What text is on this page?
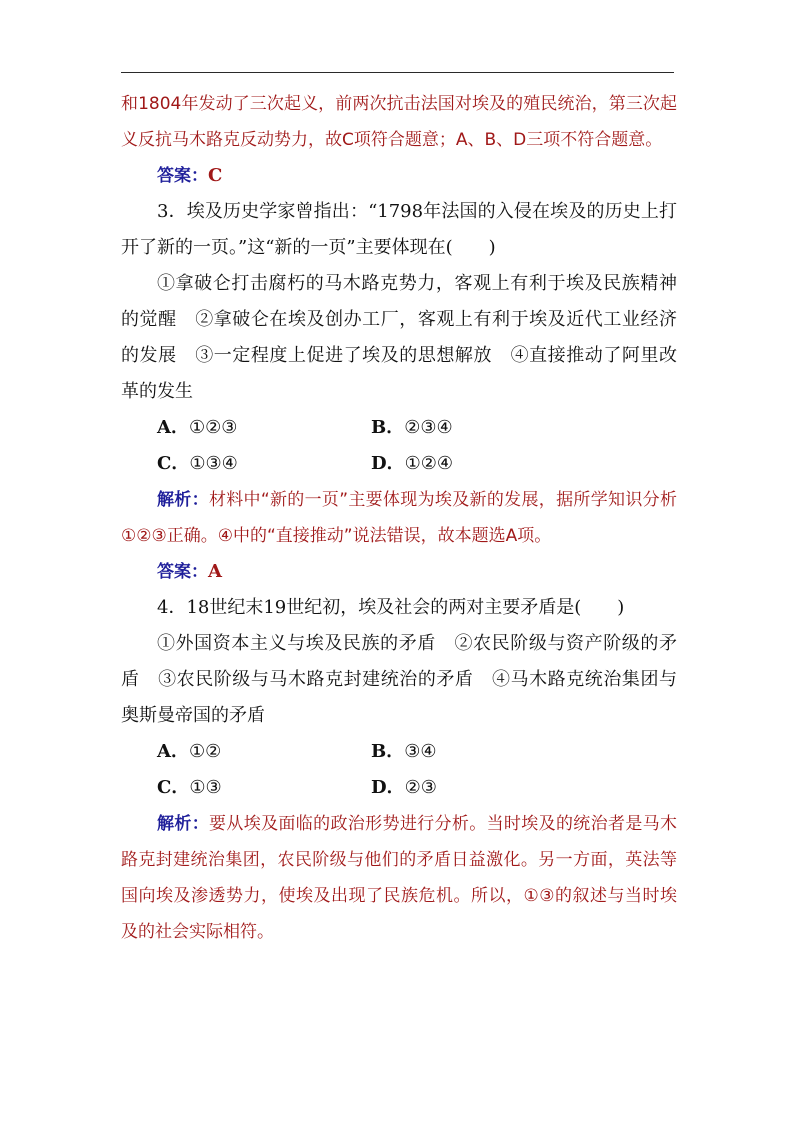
和1804年发动了三次起义，前两次抗击法国对埃及的殖民统治，第三次起义反抗马木路克反动势力，故C项符合题意；A、B、D三项不符合题意。

答案：C

3．埃及历史学家曾指出：“1798年法国的入侵在埃及的历史上打开了新的一页。”这“新的一页”主要体现在(　　)

①拿破仑打击腐朽的马木路克势力，客观上有利于埃及民族精神的觉醒　②拿破仑在埃及创办工厂，客观上有利于埃及近代工业经济的发展　③一定程度上促进了埃及的思想解放　④直接推动了阿里改革的发生

A．①②③	B．②③④
C．①③④	D．①②④

解析：材料中“新的一页”主要体现为埃及新的发展，据所学知识分析①②③正确。④中的“直接推动”说法错误，故本题选A项。

答案：A

4．18世纪末19世纪初，埃及社会的两对主要矛盾是(　　)

①外国资本主义与埃及民族的矛盾　②农民阶级与资产阶级的矛盾　③农民阶级与马木路克封建统治的矛盾　④马木路克统治集团与奥斯曼帝国的矛盾

A．①②	B．③④
C．①③	D．②③

解析：要从埃及面临的政治形势进行分析。当时埃及的统治者是马木路克封建统治集团，农民阶级与他们的矛盾日益激化。另一方面，英法等国向埃及渗透势力，使埃及出现了民族危机。所以，①③的叙述与当时埃及的社会实际相符。
